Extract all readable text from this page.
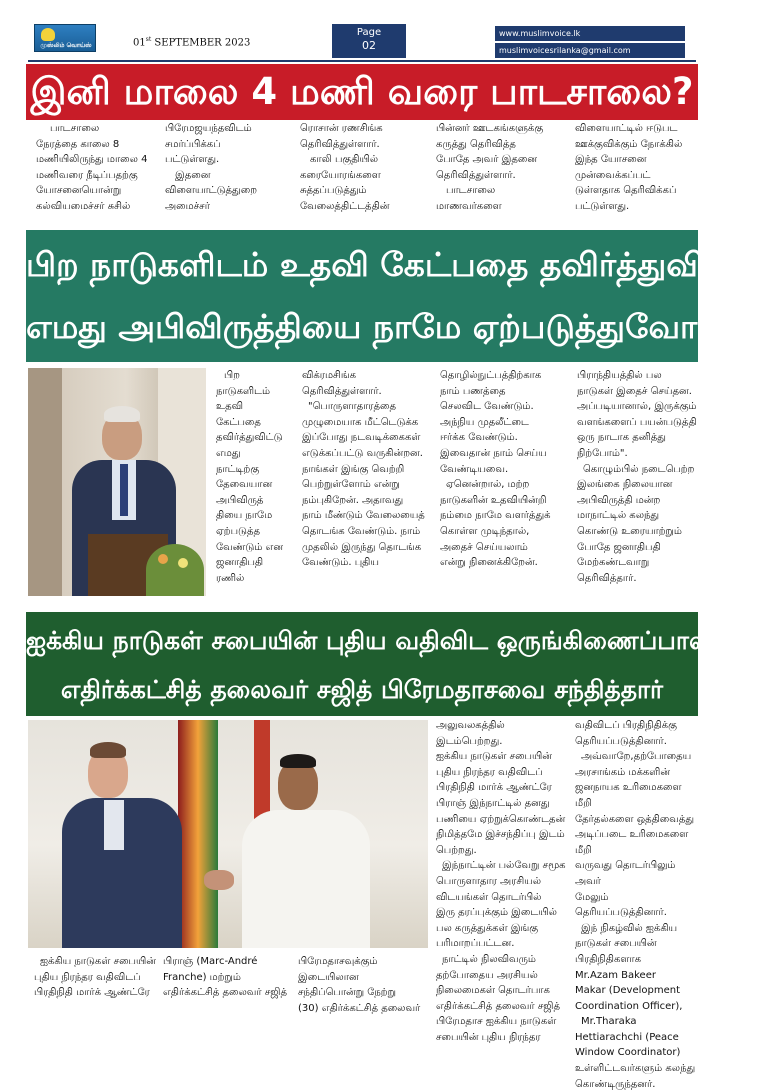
முஸ்லிம் வொய்ஸ்	01st SEPTEMBER 2023
Page
02
www.muslimvoice.lk
muslimvoicesrilanka@gmail.com
இனி மாலை 4 மணி வரை பாடசாலை?

பாடசாலை

நேரத்தை காலை 8

மணியிலிருந்து மாலை 4

மணிவரை நீடிப்பதற்கு

யோசனையொன்று

கல்வியமைச்சர் சுசில்

பிரேமஜயந்தவிடம்

சமர்ப்பிக்கப்

பட்டுள்ளது.

இதனை

விளையாட்டுத்துறை

அமைச்சர்

ரொசான் ரணசிங்க

தெரிவித்துள்ளார்.

காலி பகுதியில்

கரையோரங்களை

சுத்தப்படுத்தும்

வேலைத்திட்டத்தின்

பின்னர் ஊடகங்களுக்கு

கருத்து தெரிவித்த

போதே அவர் இதனை

தெரிவித்துள்ளார்.

பாடசாலை

மாணவர்களை

விளையாட்டில் ஈடுபட

ஊக்குவிக்கும் நோக்கில்

இந்த யோசனை

முன்வைக்கப்பட்

டுள்ளதாக தெரிவிக்கப்

பட்டுள்ளது.

பிற நாடுகளிடம் உதவி கேட்பதை தவிர்த்துவிட்டு
எமது அபிவிருத்தியை நாமே ஏற்படுத்துவோம்

பிற

நாடுகளிடம்

உதவி

கேட்பதை

தவிர்த்துவிட்டு

எமது

நாட்டிற்கு

தேவையான

அபிவிருத்

தியை நாமே

ஏற்படுத்த

வேண்டும் என

ஜனாதிபதி

ரணில்

விக்ரமசிங்க

தெரிவித்துள்ளார்.

"பொருளாதாரத்தை

முழுமையாக மீட்டெடுக்க

இப்போது நடவடிக்கைகள்

எடுக்கப்பட்டு வருகின்றன.

நாங்கள் இங்கு வெற்றி

பெற்றுள்ளோம் என்று

நம்புகிறேன். அதாவது

நாம் மீண்டும் வேலையைத்

தொடங்க வேண்டும். நாம்

முதலில் இருந்து தொடங்க

வேண்டும். புதிய

தொழில்நுட்பத்திற்காக

நாம் பணத்தை

செலவிட வேண்டும்.

அந்நிய முதலீட்டை

ஈர்க்க வேண்டும்.

இவைதான் நாம் செய்ய

வேண்டியவை.

ஏனென்றால், மற்ற

நாடுகளின் உதவியின்றி

நம்மை நாமே வளர்த்துக்

கொள்ள முடிந்தால்,

அதைச் செய்யலாம்

என்று நினைக்கிறேன்.

பிராந்தியத்தில் பல

நாடுகள் இதைச் செய்தன.

அப்படியானால், இருக்கும்

வளங்களைப் பயன்படுத்தி

ஒரு நாடாக தனித்து

நிற்போம்".

கொழும்பில் நடைபெற்ற

இலங்கை நிலையான

அபிவிருத்தி மன்ற

மாநாட்டில் கலந்து

கொண்டு உரையாற்றும்

போதே ஜனாதிபதி

மேற்கண்டவாறு

தெரிவித்தார்.

ஐக்கிய நாடுகள் சபையின் புதிய வதிவிட ஒருங்கிணைப்பாளர்
எதிர்க்கட்சித் தலைவர் சஜித் பிரேமதாசவை சந்தித்தார்

அலுவலகத்தில் இடம்பெற்றது.

ஐக்கிய நாடுகள் சபையின்

புதிய நிரந்தர வதிவிடப்

பிரதிநிதி மார்க் ஆண்ட்ரே

பிராஞ் இந்நாட்டில் தனது

பணியை ஏற்றுக்கொண்டதன்

நிமித்தமே இச்சந்திப்பு இடம்

பெற்றது.

இந்நாட்டின் பல்வேறு சமூக

பொருளாதார அரசியல்

விடயங்கள் தொடர்பில்

இரு தரப்புக்கும் இடையில்

பல கருத்துக்கள் இங்கு

பரிமாறப்பட்டன.

நாட்டில் நிலவிவரும்

தற்போதைய அரசியல்

நிலைமைகள் தொடர்பாக

எதிர்க்கட்சித் தலைவர் சஜித்

பிரேமதாச ஐக்கிய நாடுகள்

சபையின் புதிய நிரந்தர

வதிவிடப் பிரதிநிதிக்கு

தெரியப்படுத்தினார்.

அவ்வாறே,தற்போதைய

அரசாங்கம் மக்களின்

ஜனநாயக உரிமைகளை மீறி

தேர்தல்களை ஒத்திவைத்து

அடிப்படை உரிமைகளை மீறி

வருவது தொடர்பிலும் அவர்

மேலும் தெரியப்படுத்தினார்.

இந் நிகழ்வில் ஐக்கிய

நாடுகள் சபையின்

பிரதிநிதிகளாக

Mr.Azam Bakeer

Makar (Development

Coordination Officer),

Mr.Tharaka

Hettiarachchi (Peace

Window Coordinator)

உள்ளிட்டவர்களும் கலந்து

கொண்டிருந்தனர்.

ஐக்கிய நாடுகள் சபையின்

புதிய நிரந்தர வதிவிடப்

பிரதிநிதி மார்க் ஆண்ட்ரே

பிராஞ் (Marc-André

Franche) மற்றும்

எதிர்க்கட்சித் தலைவர் சஜித்

பிரேமதாசவுக்கும் இடையிலான

சந்திப்பொன்று நேற்று

(30) எதிர்க்கட்சித் தலைவர்
